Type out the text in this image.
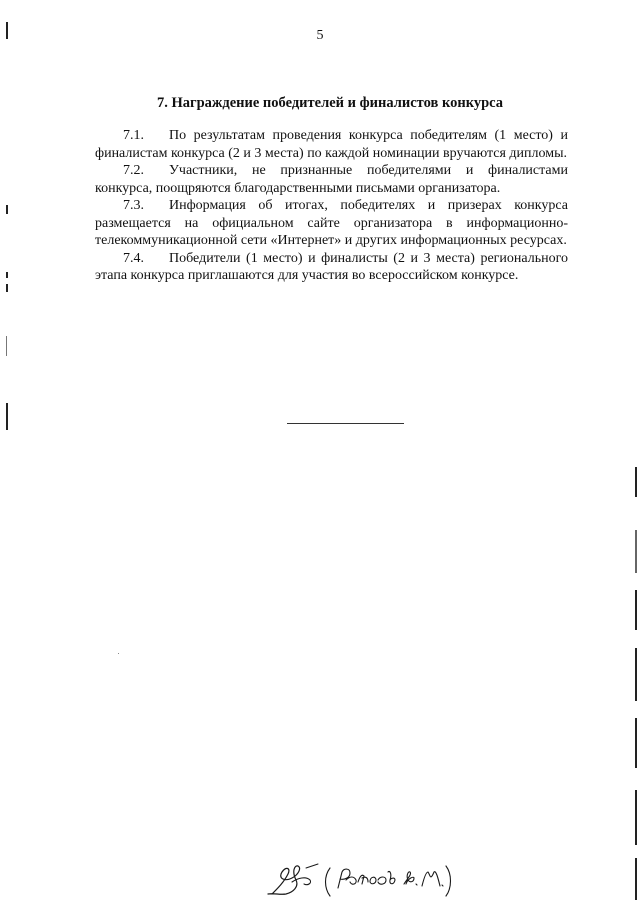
5
7. Награждение победителей и финалистов конкурса

7.1. По результатам проведения конкурса победителям (1 место) и финалистам конкурса (2 и 3 места) по каждой номинации вручаются дипломы.

7.2. Участники, не признанные победителями и финалистами конкурса, поощряются благодарственными письмами организатора.

7.3. Информация об итогах, победителях и призерах конкурса размещается на официальном сайте организатора в информационно-телекоммуникационной сети «Интернет» и других информационных ресурсах.

7.4. Победители (1 место) и финалисты (2 и 3 места) регионального этапа конкурса приглашаются для участия во всероссийском конкурсе.
